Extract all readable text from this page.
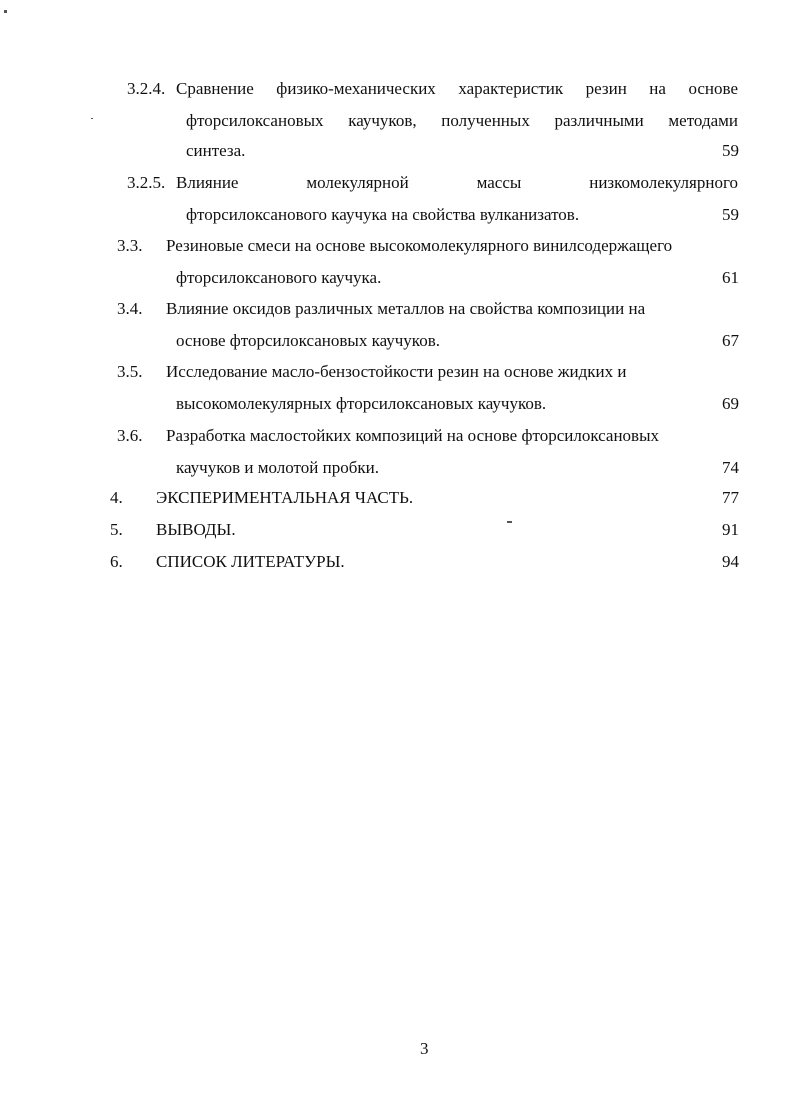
3.2.4. Сравнение физико-механических характеристик резин на основе
фторсилоксановых каучуков, полученных различными методами
синтеза.	59
3.2.5. Влияние молекулярной массы низкомолекулярного
фторсилоксанового каучука на свойства вулканизатов.	59
3.3. Резиновые смеси на основе высокомолекулярного винилсодержащего
фторсилоксанового каучука.	61
3.4. Влияние оксидов различных металлов на свойства композиции на
основе фторсилоксановых каучуков.	67
3.5. Исследование масло-бензостойкости резин на основе жидких и
высокомолекулярных фторсилоксановых каучуков.	69
3.6. Разработка маслостойких композиций на основе фторсилоксановых
каучуков и молотой пробки.	74
4. ЭКСПЕРИМЕНТАЛЬНАЯ ЧАСТЬ.	77
5. ВЫВОДЫ.	91
6. СПИСОК ЛИТЕРАТУРЫ.	94
3
